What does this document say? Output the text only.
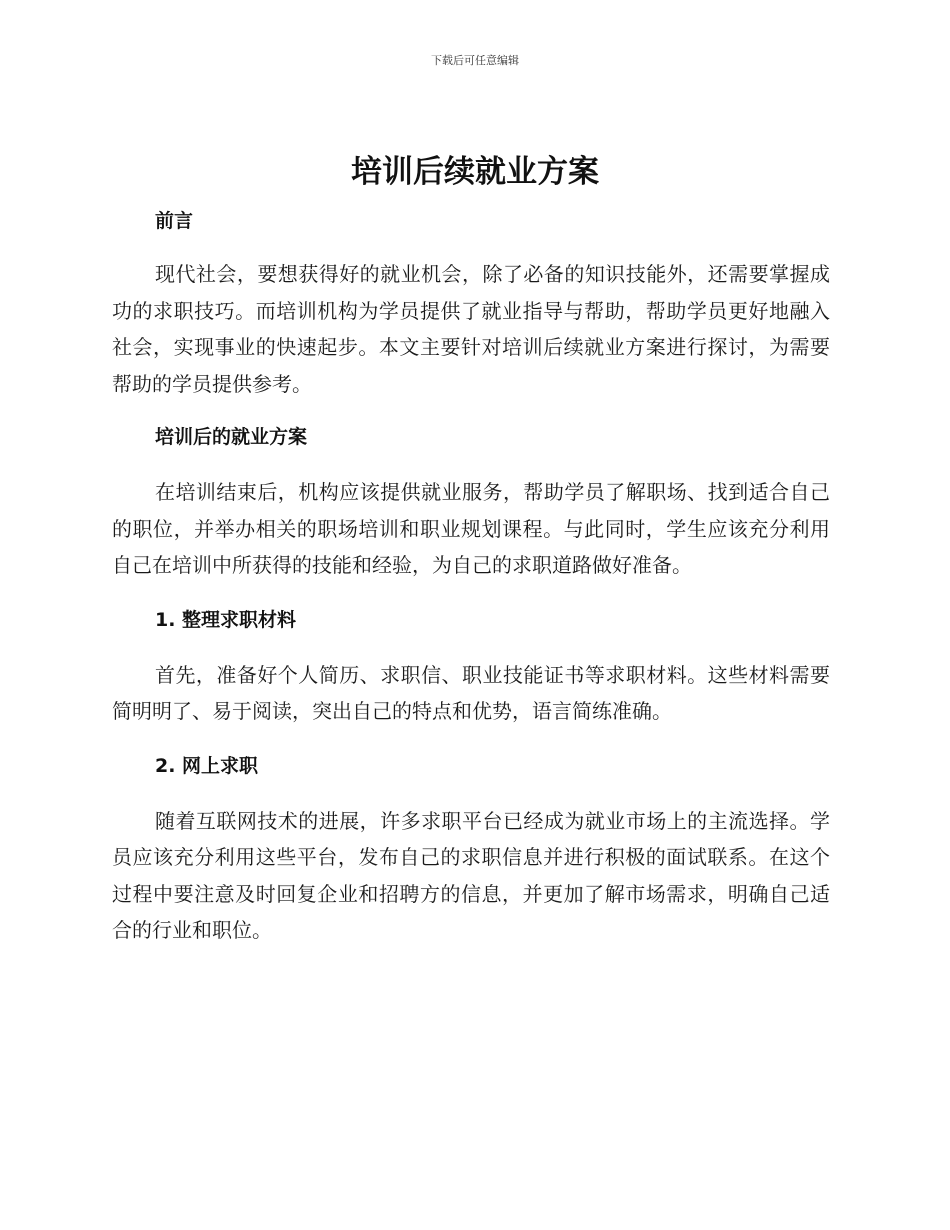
下载后可任意编辑
培训后续就业方案
前言

现代社会，要想获得好的就业机会，除了必备的知识技能外，还需要掌握成功的求职技巧。而培训机构为学员提供了就业指导与帮助，帮助学员更好地融入社会，实现事业的快速起步。本文主要针对培训后续就业方案进行探讨，为需要帮助的学员提供参考。

培训后的就业方案

在培训结束后，机构应该提供就业服务，帮助学员了解职场、找到适合自己的职位，并举办相关的职场培训和职业规划课程。与此同时，学生应该充分利用自己在培训中所获得的技能和经验，为自己的求职道路做好准备。

1. 整理求职材料

首先，准备好个人简历、求职信、职业技能证书等求职材料。这些材料需要简明明了、易于阅读，突出自己的特点和优势，语言简练准确。

2. 网上求职

随着互联网技术的进展，许多求职平台已经成为就业市场上的主流选择。学员应该充分利用这些平台，发布自己的求职信息并进行积极的面试联系。在这个过程中要注意及时回复企业和招聘方的信息，并更加了解市场需求，明确自己适合的行业和职位。
